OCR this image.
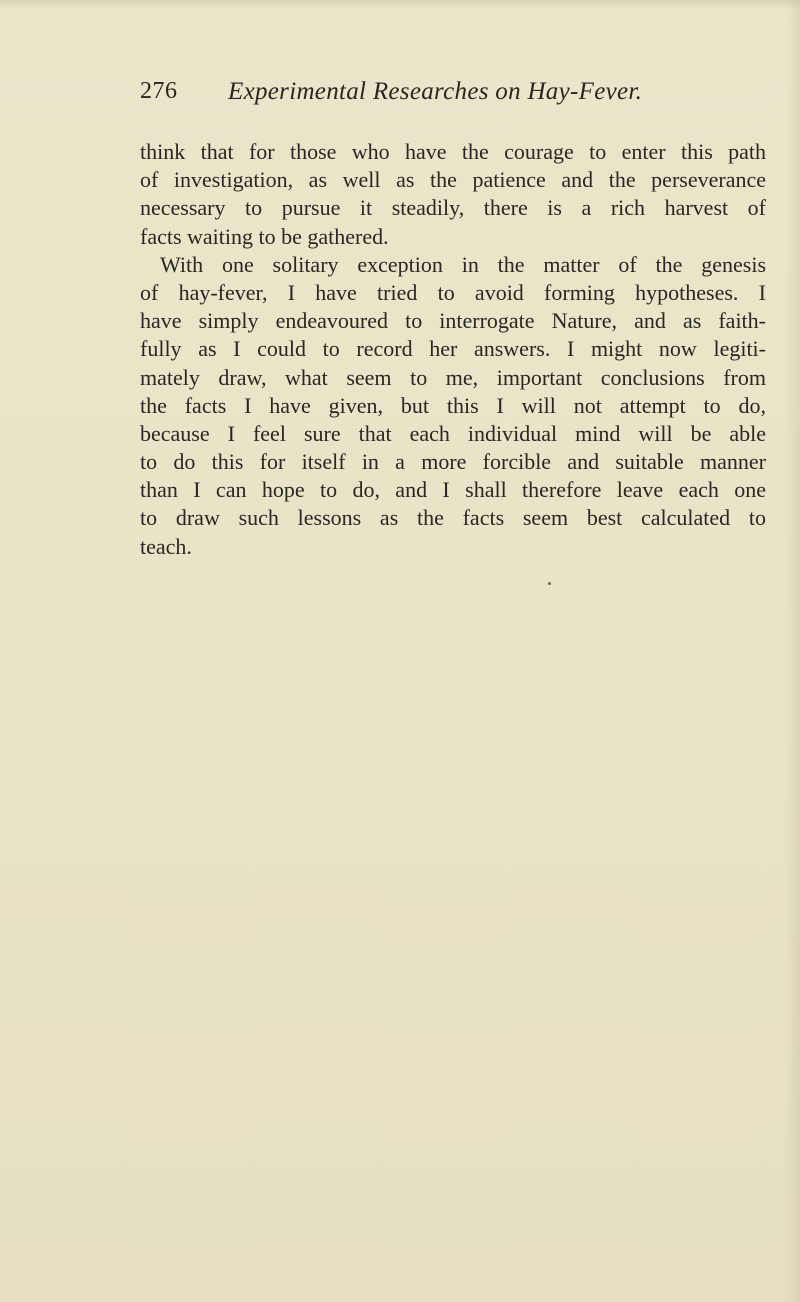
276 Experimental Researches on Hay-Fever.
think that for those who have the courage to enter this path
of investigation, as well as the patience and the perseverance
necessary to pursue it steadily, there is a rich harvest of
facts waiting to be gathered.
With one solitary exception in the matter of the genesis
of hay-fever, I have tried to avoid forming hypotheses. I
have simply endeavoured to interrogate Nature, and as faith-
fully as I could to record her answers. I might now legiti-
mately draw, what seem to me, important conclusions from
the facts I have given, but this I will not attempt to do,
because I feel sure that each individual mind will be able
to do this for itself in a more forcible and suitable manner
than I can hope to do, and I shall therefore leave each one
to draw such lessons as the facts seem best calculated to
teach.
